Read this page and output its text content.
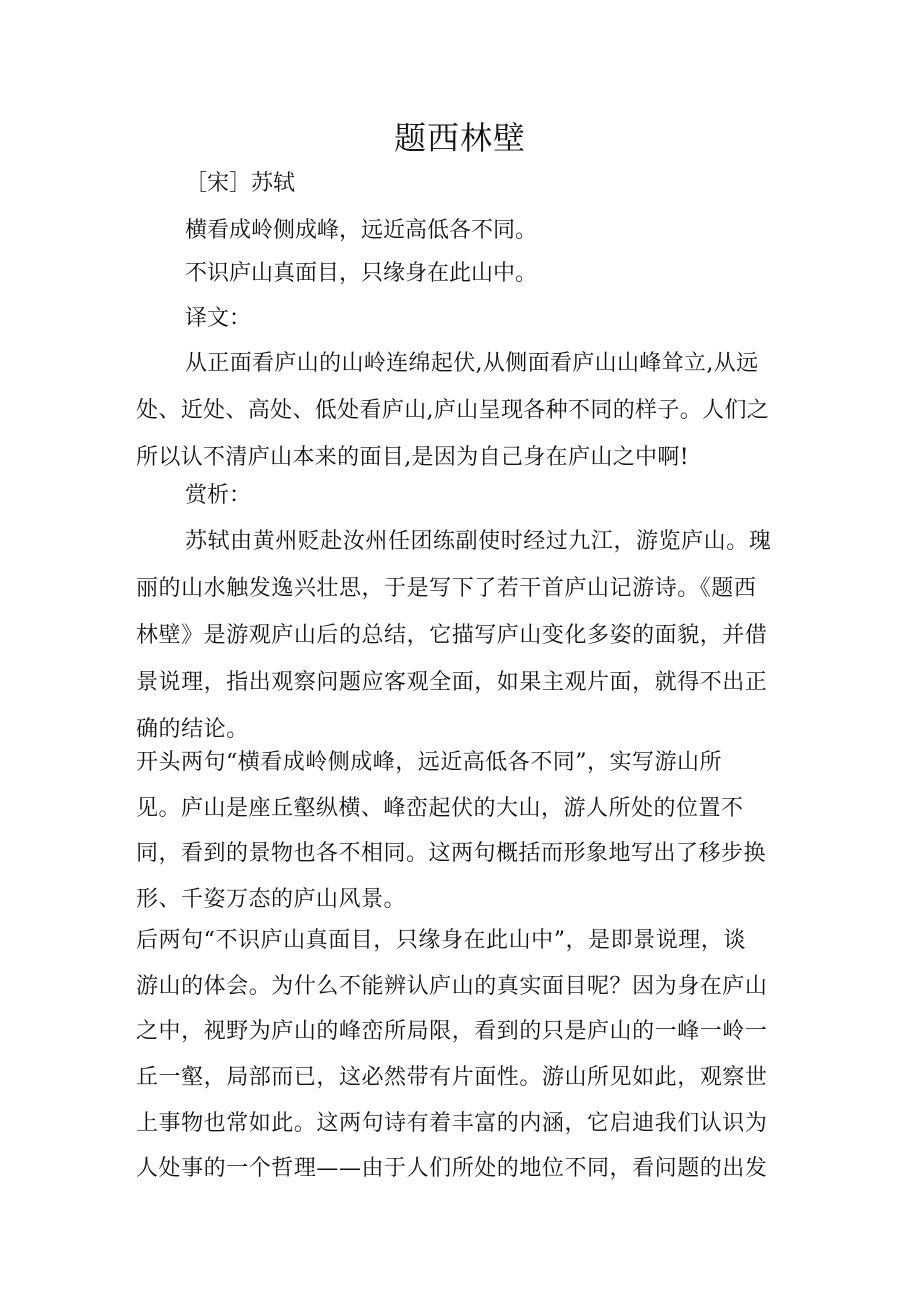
题西林壁

［宋］苏轼

横看成岭侧成峰，远近高低各不同。

不识庐山真面目，只缘身在此山中。

译文：

从正面看庐山的山岭连绵起伏,从侧面看庐山山峰耸立,从远
处、近处、高处、低处看庐山,庐山呈现各种不同的样子。人们之
所以认不清庐山本来的面目,是因为自己身在庐山之中啊!

赏析：

苏轼由黄州贬赴汝州任团练副使时经过九江，游览庐山。瑰
丽的山水触发逸兴壮思，于是写下了若干首庐山记游诗。《题西
林壁》是游观庐山后的总结，它描写庐山变化多姿的面貌，并借
景说理，指出观察问题应客观全面，如果主观片面，就得不出正
确的结论。
开头两句“横看成岭侧成峰，远近高低各不同”，实写游山所
见。庐山是座丘壑纵横、峰峦起伏的大山，游人所处的位置不
同，看到的景物也各不相同。这两句概括而形象地写出了移步换
形、千姿万态的庐山风景。
后两句“不识庐山真面目，只缘身在此山中”，是即景说理，谈
游山的体会。为什么不能辨认庐山的真实面目呢？因为身在庐山
之中，视野为庐山的峰峦所局限，看到的只是庐山的一峰一岭一
丘一壑，局部而已，这必然带有片面性。游山所见如此，观察世
上事物也常如此。这两句诗有着丰富的内涵，它启迪我们认识为
人处事的一个哲理——由于人们所处的地位不同，看问题的出发
